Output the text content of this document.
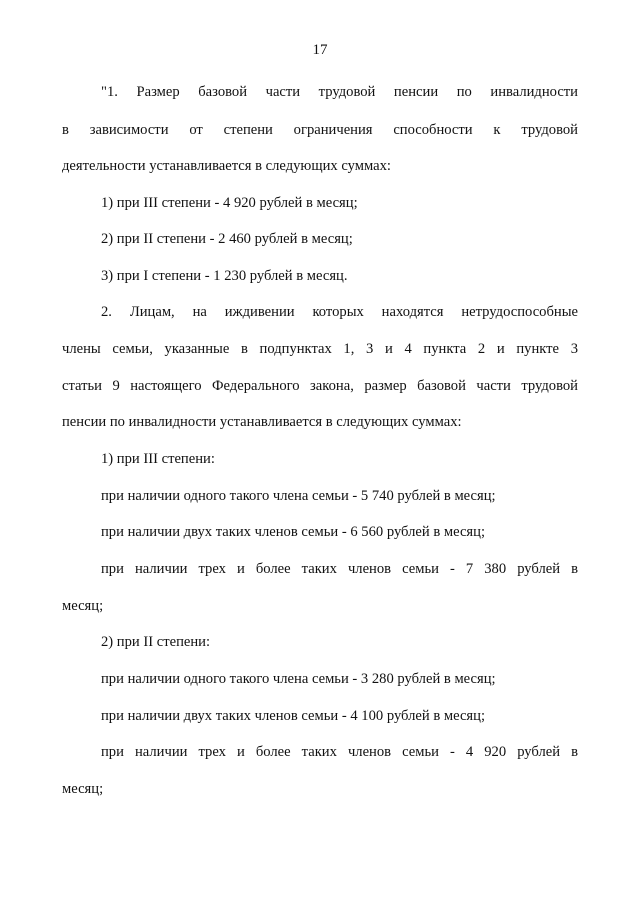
17
"1. Размер базовой части трудовой пенсии по инвалидности
в зависимости от степени ограничения способности к трудовой
деятельности устанавливается в следующих суммах:
1) при III степени - 4 920 рублей в месяц;
2) при II степени - 2 460 рублей в месяц;
3) при I степени - 1 230 рублей в месяц.
2. Лицам, на иждивении которых находятся нетрудоспособные
члены семьи, указанные в подпунктах 1, 3 и 4 пункта 2 и пункте 3
статьи 9 настоящего Федерального закона, размер базовой части трудовой
пенсии по инвалидности устанавливается в следующих суммах:
1) при III степени:
при наличии одного такого члена семьи - 5 740 рублей в месяц;
при наличии двух таких членов семьи - 6 560 рублей в месяц;
при наличии трех и более таких членов семьи - 7 380 рублей в
месяц;
2) при II степени:
при наличии одного такого члена семьи - 3 280 рублей в месяц;
при наличии двух таких членов семьи - 4 100 рублей в месяц;
при наличии трех и более таких членов семьи - 4 920 рублей в
месяц;
